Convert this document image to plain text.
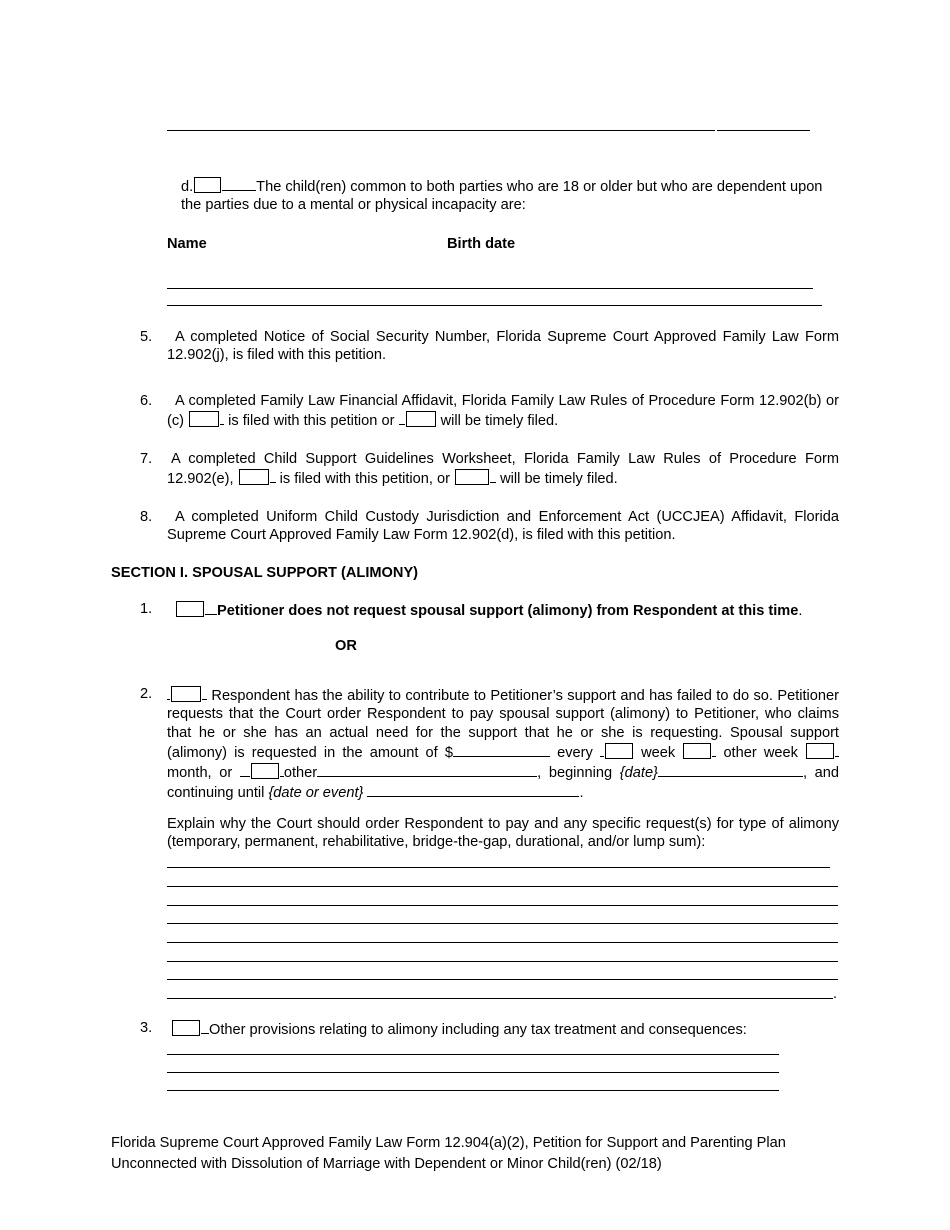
d.	The child(ren) common to both parties who are 18 or older but who are dependent upon the parties due to a mental or physical incapacity are:
Name	Birth date
5.	A completed Notice of Social Security Number, Florida Supreme Court Approved Family Law Form 12.902(j), is filed with this petition.
6.	A completed Family Law Financial Affidavit, Florida Family Law Rules of Procedure Form 12.902(b) or (c)	is filed with this petition or	will be timely filed.
7. A completed Child Support Guidelines Worksheet, Florida Family Law Rules of Procedure Form 12.902(e),	is filed with this petition, or	will be timely filed.
8.	A completed Uniform Child Custody Jurisdiction and Enforcement Act (UCCJEA) Affidavit, Florida Supreme Court Approved Family Law Form 12.902(d), is filed with this petition.
SECTION I. SPOUSAL SUPPORT (ALIMONY)
1.	Petitioner does not request spousal support (alimony) from Respondent at this time.
OR
2.	Respondent has the ability to contribute to Petitioner’s support and has failed to do so. Petitioner requests that the Court order Respondent to pay spousal support (alimony) to Petitioner, who claims that he or she has an actual need for the support that he or she is requesting. Spousal support (alimony) is requested in the amount of $	every	week	other week  month, or	other	, beginning {date}	, and continuing until {date or event}	.
Explain why the Court should order Respondent to pay and any specific request(s) for type of alimony (temporary, permanent, rehabilitative, bridge-the-gap, durational, and/or lump sum):
.
3.	Other provisions relating to alimony including any tax treatment and consequences:
Florida Supreme Court Approved Family Law Form 12.904(a)(2), Petition for Support and Parenting Plan
Unconnected with Dissolution of Marriage with Dependent or Minor Child(ren) (02/18)
